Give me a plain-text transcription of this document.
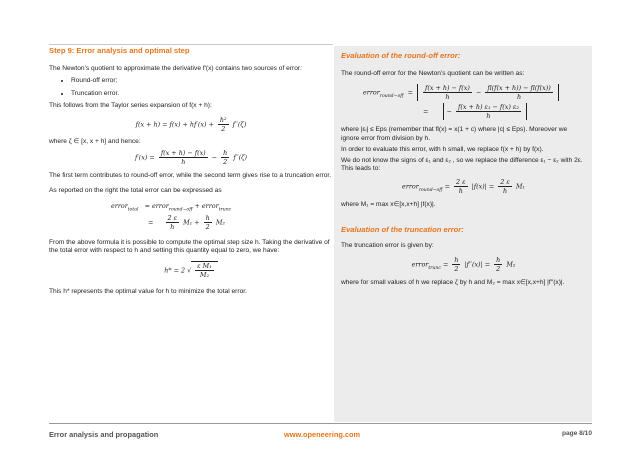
Step 9: Error analysis and optimal step

The Newton’s quotient to approximate the derivative f′(x) contains two sources of error:

• Round-off error;
• Truncation error.

This follows from the Taylor series expansion of f(x + h):

$f(x + h) = f(x) + hf'(x) + \frac{\text{h²}}{2} f''(\zeta)$

where ζ ∈ [x, x + h] and hence:

$f'(x) = \frac{f(x + h) - f(x)}{h} - \frac{h}{2} f''(\zeta)$

The first term contributes to round-off error, while the second term gives rise to a truncation error.

As reported on the right the total error can be expressed as

error$_{total}$ = error$_{round-off}$ + error$_{trunc}$
= $\frac{2 \varepsilon}{h} M_1 + \frac{h}{2} M_2$

From the above formula it is possible to compute the optimal step size h. Taking the derivative of the total error with respect to h and setting this quantity equal to zero, we have:

h* = 2 √ $\frac{\text{ε M₁}}{\text{M₂}}$

This h* represents the optimal value for h to minimize the total error.

Evaluation of the round-off error:

The round-off error for the Newton’s quotient can be written as:

error$_{round-off}$ = $\frac{f(x + h) - f(x)}{h} - \frac{fl(f(x + h)) - fl(f(x))}{h}$
=	− $\frac{\text{f(x + h) ε₁ − f(x) ε₂}}{h}$

where |εᵢ| ≤ Eps (remember that fl(x) = x(1 + c) where |c| ≤ Eps). Moreover we ignore error from division by h.

In order to evaluate this error, with h small, we replace f(x + h) by f(x).

We do not know the signs of ε₁ and ε₂ , so we replace the difference ε₁ − ε₂ with 2ε. This leads to:

error$_{round-off}$ = $\frac{2 \varepsilon}{h} |f(x)| = \frac{2 \varepsilon}{h} M_1$

where M₁ = max x∈[x,x+h] |f(x)|.

Evaluation of the truncation error:

The truncation error is given by:

error$_{trunc}$ = $\frac{h}{2} |f''(x)| = \frac{h}{2} M_2$

where for small values of h we replace ζ by h and M₂ = max x∈[x,x+h] |f′′(x)|.

Error analysis and propagation	www.openeering.com	page 8/10
